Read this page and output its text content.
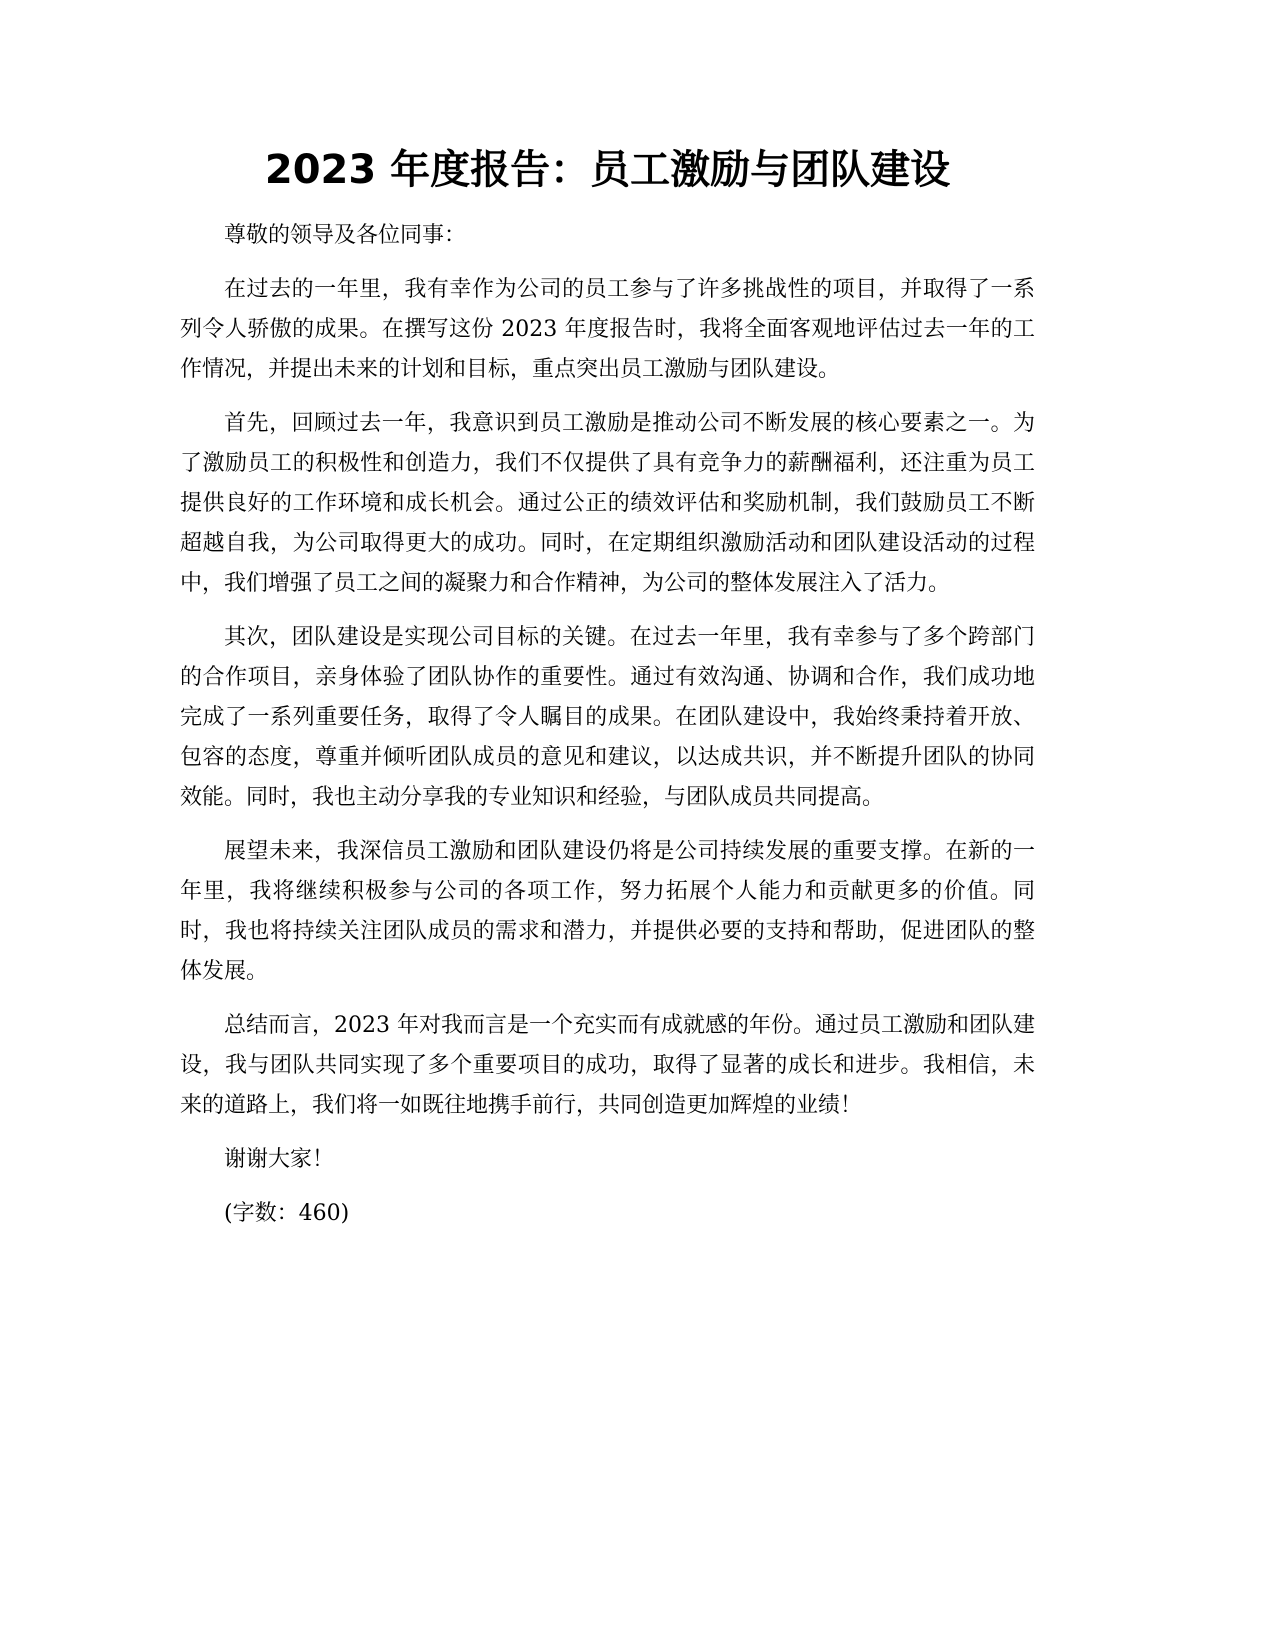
2023 年度报告：员工激励与团队建设

尊敬的领导及各位同事：

在过去的一年里，我有幸作为公司的员工参与了许多挑战性的项目，并取得了一系列令人骄傲的成果。在撰写这份 2023 年度报告时，我将全面客观地评估过去一年的工作情况，并提出未来的计划和目标，重点突出员工激励与团队建设。

首先，回顾过去一年，我意识到员工激励是推动公司不断发展的核心要素之一。为了激励员工的积极性和创造力，我们不仅提供了具有竞争力的薪酬福利，还注重为员工提供良好的工作环境和成长机会。通过公正的绩效评估和奖励机制，我们鼓励员工不断超越自我，为公司取得更大的成功。同时，在定期组织激励活动和团队建设活动的过程中，我们增强了员工之间的凝聚力和合作精神，为公司的整体发展注入了活力。

其次，团队建设是实现公司目标的关键。在过去一年里，我有幸参与了多个跨部门的合作项目，亲身体验了团队协作的重要性。通过有效沟通、协调和合作，我们成功地完成了一系列重要任务，取得了令人瞩目的成果。在团队建设中，我始终秉持着开放、包容的态度，尊重并倾听团队成员的意见和建议，以达成共识，并不断提升团队的协同效能。同时，我也主动分享我的专业知识和经验，与团队成员共同提高。

展望未来，我深信员工激励和团队建设仍将是公司持续发展的重要支撑。在新的一年里，我将继续积极参与公司的各项工作，努力拓展个人能力和贡献更多的价值。同时，我也将持续关注团队成员的需求和潜力，并提供必要的支持和帮助，促进团队的整体发展。

总结而言，2023 年对我而言是一个充实而有成就感的年份。通过员工激励和团队建设，我与团队共同实现了多个重要项目的成功，取得了显著的成长和进步。我相信，未来的道路上，我们将一如既往地携手前行，共同创造更加辉煌的业绩！

谢谢大家！

(字数：460)
